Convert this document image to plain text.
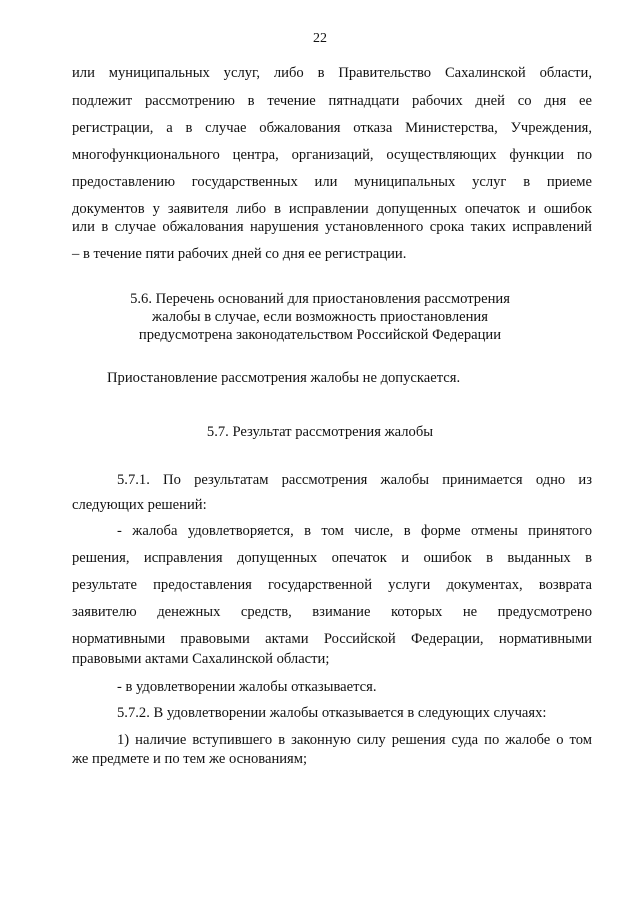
22
или муниципальных услуг, либо в Правительство Сахалинской области,
подлежит рассмотрению в течение пятнадцати рабочих дней со дня ее
регистрации, а в случае обжалования отказа Министерства, Учреждения,
многофункционального центра, организаций, осуществляющих функции по
предоставлению государственных или муниципальных услуг в приеме
документов у заявителя либо в исправлении допущенных опечаток и ошибок
или в случае обжалования нарушения установленного срока таких исправлений
– в течение пяти рабочих дней со дня ее регистрации.
5.6. Перечень оснований для приостановления рассмотрения
жалобы в случае, если возможность приостановления
предусмотрена законодательством Российской Федерации
Приостановление рассмотрения жалобы не допускается.
5.7. Результат рассмотрения жалобы
5.7.1. По результатам рассмотрения жалобы принимается одно из
следующих решений:
- жалоба удовлетворяется, в том числе, в форме отмены принятого
решения, исправления допущенных опечаток и ошибок в выданных в
результате предоставления государственной услуги документах, возврата
заявителю денежных средств, взимание которых не предусмотрено
нормативными правовыми актами Российской Федерации, нормативными
правовыми актами Сахалинской области;
- в удовлетворении жалобы отказывается.
5.7.2. В удовлетворении жалобы отказывается в следующих случаях:
1) наличие вступившего в законную силу решения суда по жалобе о том
же предмете и по тем же основаниям;
